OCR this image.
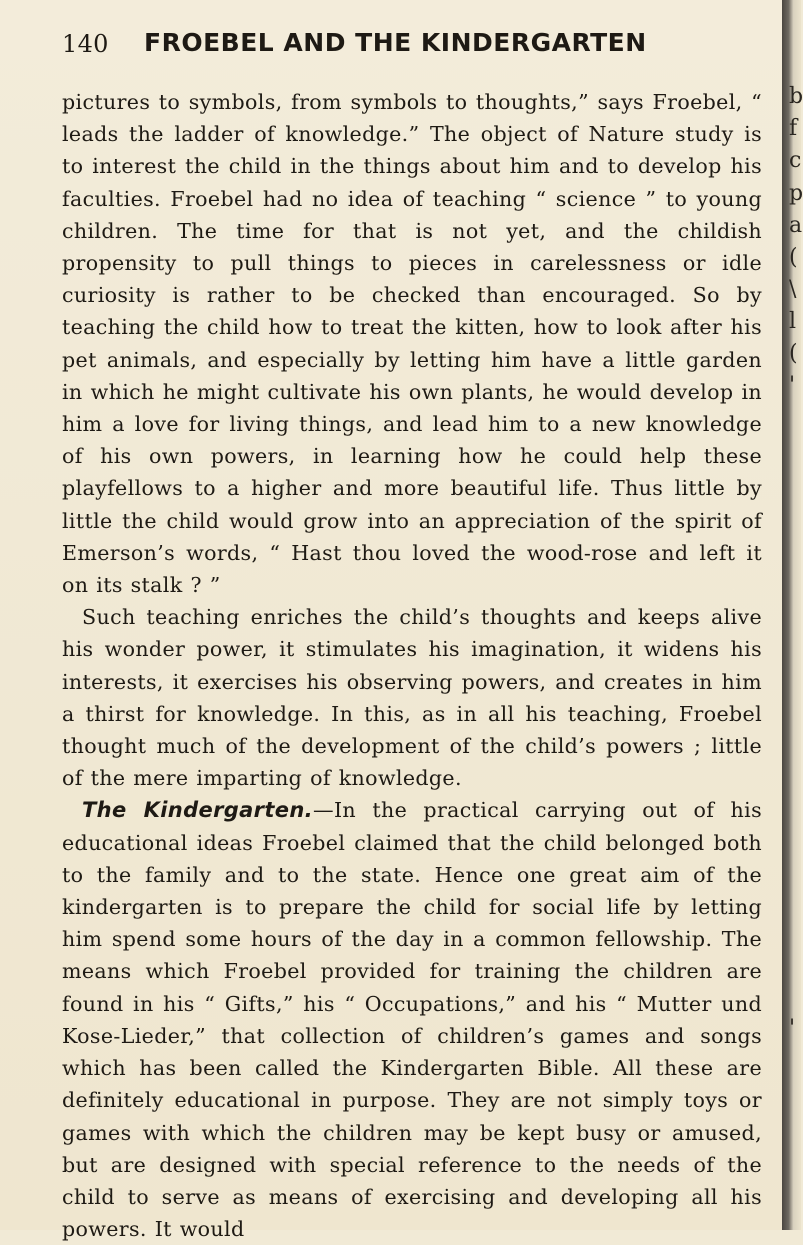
140 FROEBEL AND THE KINDERGARTEN

pictures to symbols, from symbols to thoughts,” says Froebel, “ leads the ladder of knowledge.” The object of Nature study is to interest the child in the things about him and to develop his faculties. Froebel had no idea of teaching “ science ” to young children. The time for that is not yet, and the childish propensity to pull things to pieces in carelessness or idle curiosity is rather to be checked than encouraged. So by teaching the child how to treat the kitten, how to look after his pet animals, and especially by letting him have a little garden in which he might cultivate his own plants, he would develop in him a love for living things, and lead him to a new knowledge of his own powers, in learning how he could help these playfellows to a higher and more beautiful life. Thus little by little the child would grow into an appreciation of the spirit of Emerson’s words, “ Hast thou loved the wood-rose and left it on its stalk ? ”

Such teaching enriches the child’s thoughts and keeps alive his wonder power, it stimulates his imagination, it widens his interests, it exercises his observing powers, and creates in him a thirst for knowledge. In this, as in all his teaching, Froebel thought much of the development of the child’s powers ; little of the mere imparting of knowledge.

The Kindergarten.—In the practical carrying out of his educational ideas Froebel claimed that the child belonged both to the family and to the state. Hence one great aim of the kindergarten is to prepare the child for social life by letting him spend some hours of the day in a common fellowship. The means which Froebel provided for training the children are found in his “ Gifts,” his “ Occupations,” and his “ Mutter und Kose-Lieder,” that collection of children’s games and songs which has been called the Kindergarten Bible. All these are definitely educational in purpose. They are not simply toys or games with which the children may be kept busy or amused, but are designed with special reference to the needs of the child to serve as means of exercising and developing all his powers. It would

b
f
c
p
a
(
\
l
(
'
'
